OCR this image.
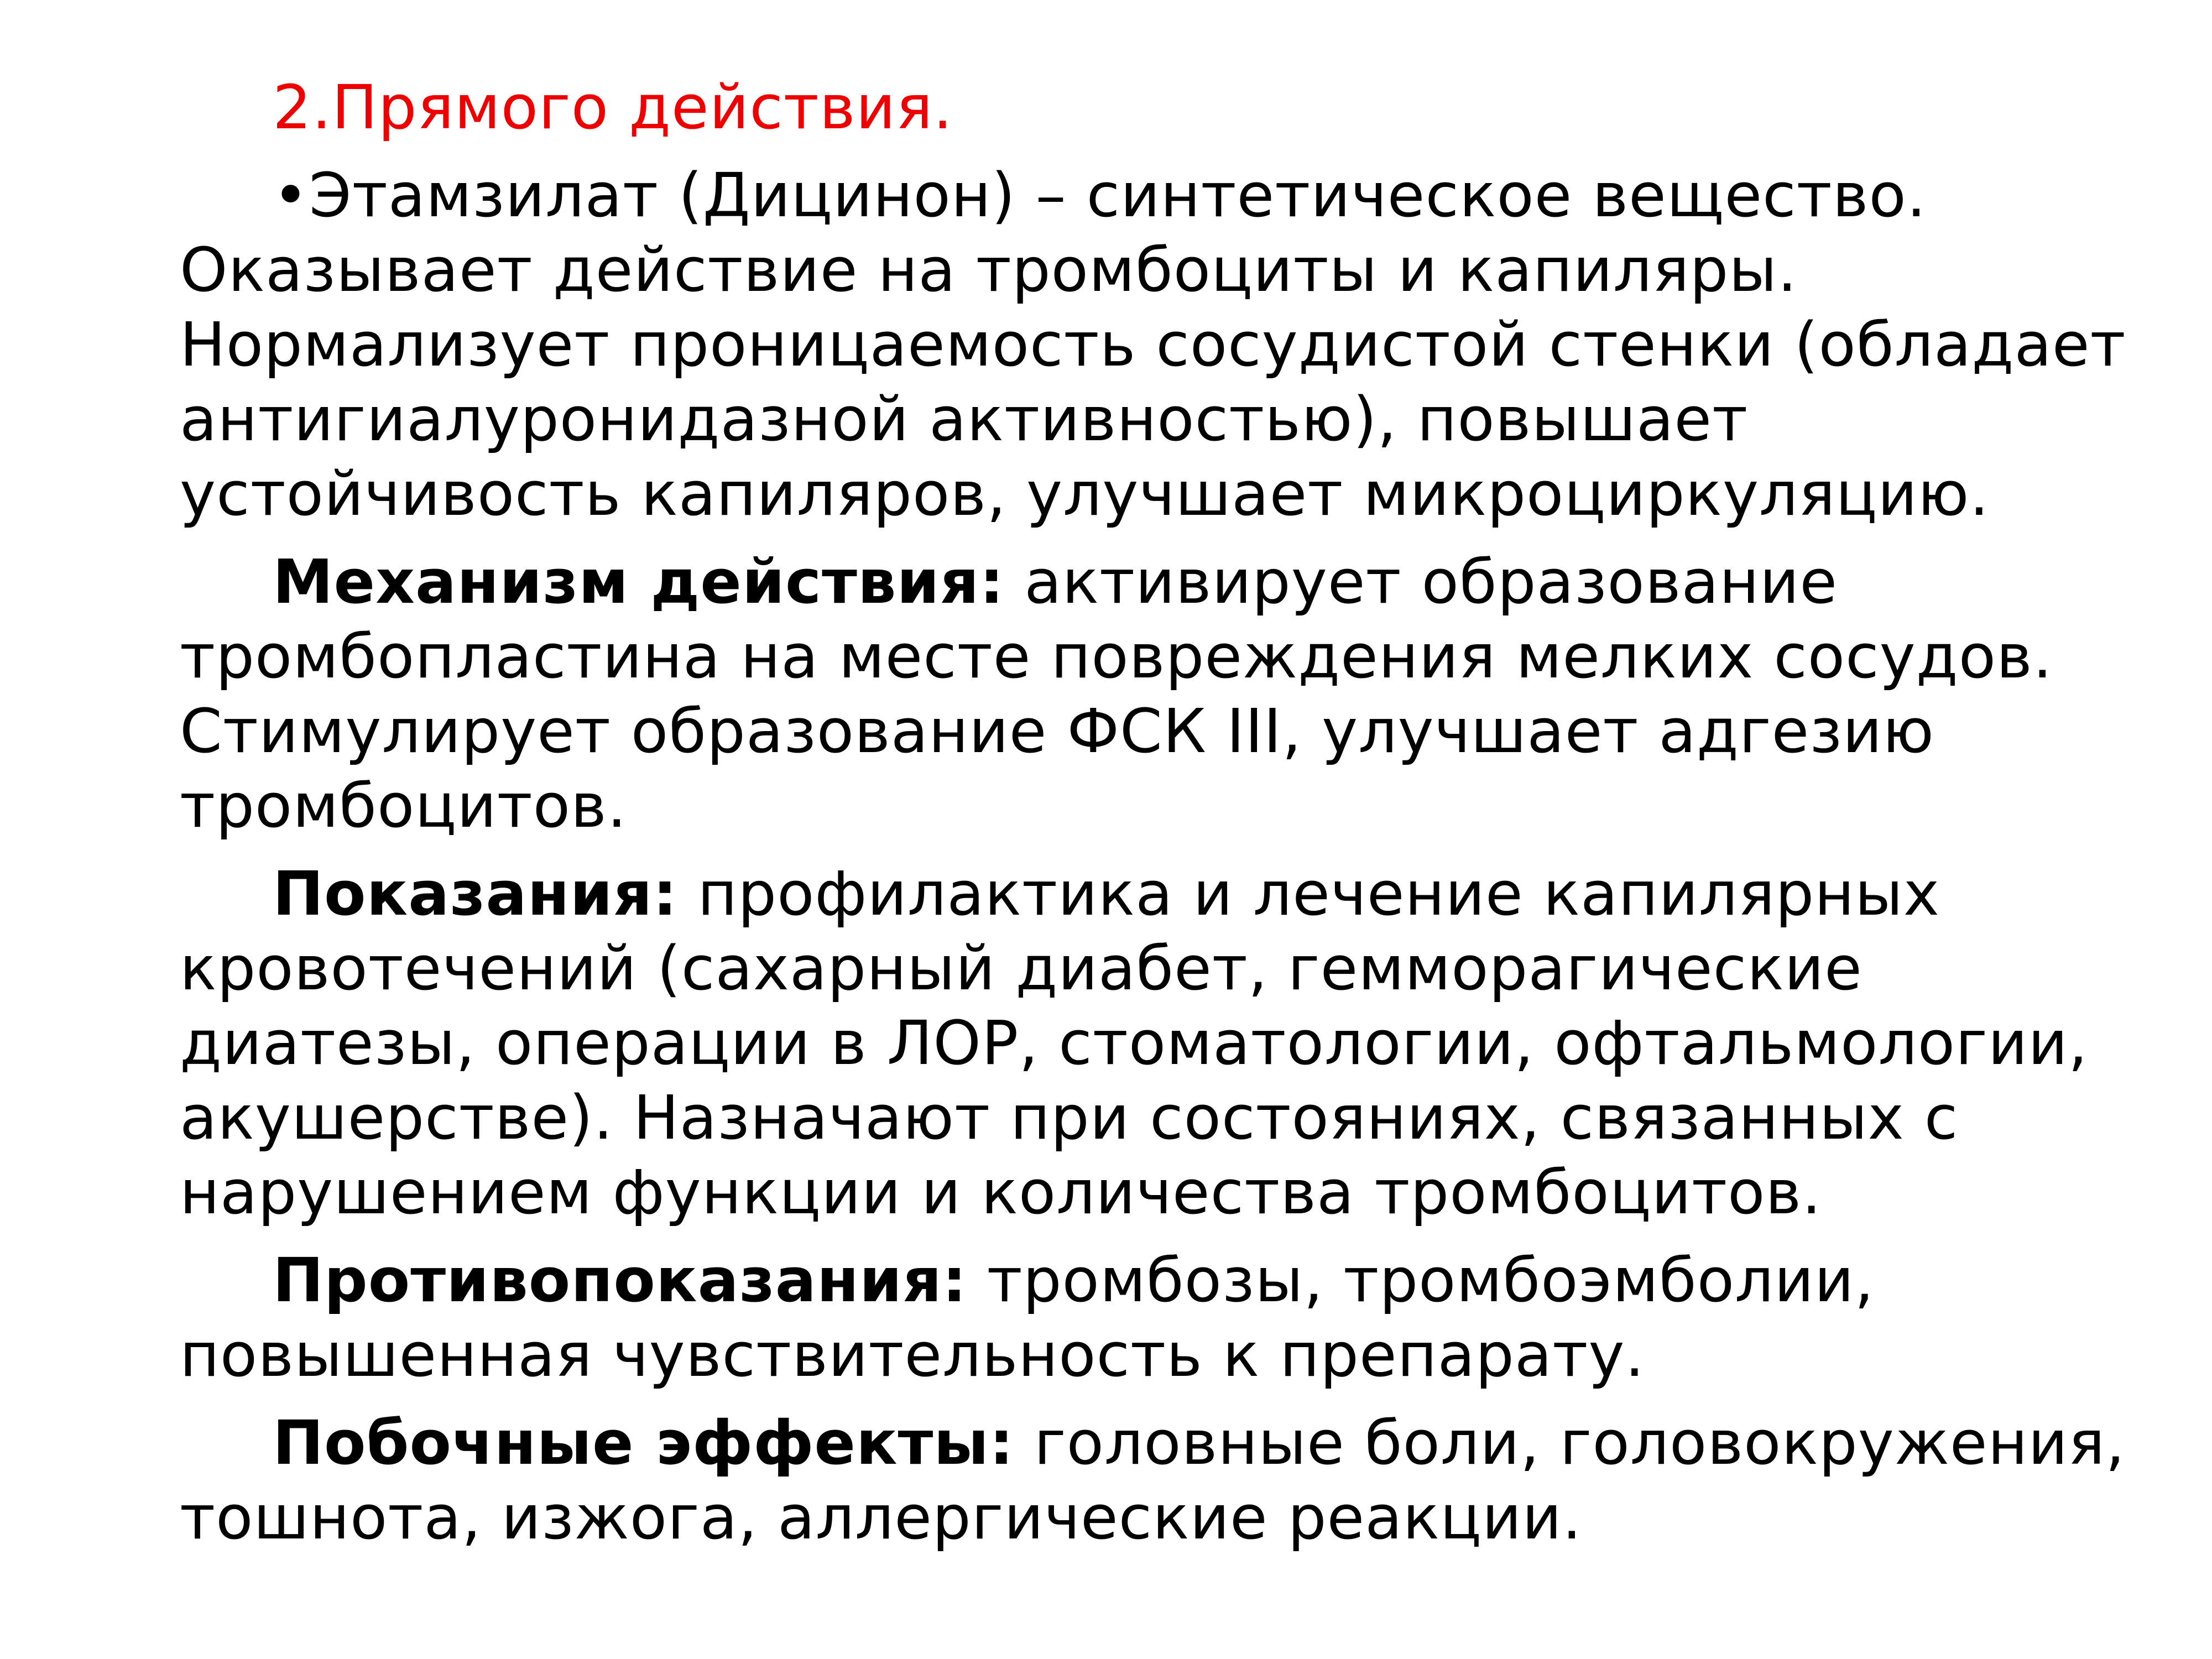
2.Прямого действия.

•Этамзилат (Дицинон) – синтетическое вещество. Оказывает действие на тромбоциты и капиляры. Нормализует проницаемость сосудистой стенки (обладает антигиалуронидазной активностью), повышает устойчивость капиляров, улучшает микроциркуляцию.

Механизм действия: активирует образование тромбопластина на месте повреждения мелких сосудов. Стимулирует образование ФСК III, улучшает адгезию тромбоцитов.

Показания: профилактика и лечение капилярных кровотечений (сахарный диабет, гемморагические диатезы, операции в ЛОР, стоматологии, офтальмологии, акушерстве). Назначают при состояниях, связанных с нарушением функции и количества тромбоцитов.

Противопоказания: тромбозы, тромбоэмболии, повышенная чувствительность к препарату.

Побочные эффекты: головные боли, головокружения, тошнота, изжога, аллергические реакции.
